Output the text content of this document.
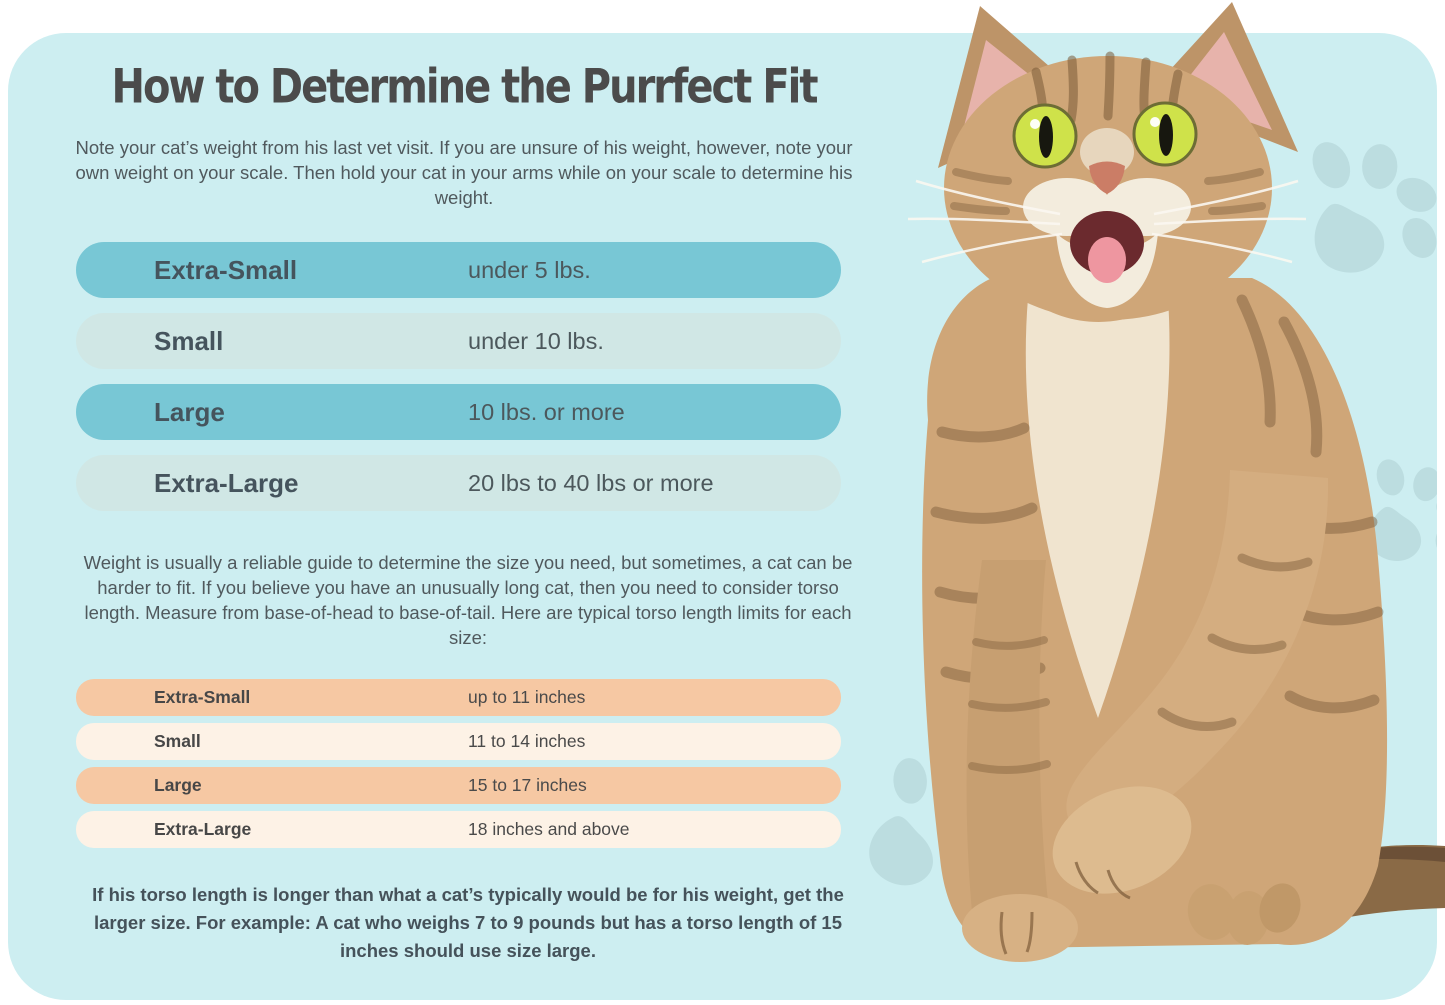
How to Determine the Purrfect Fit
Note your cat’s weight from his last vet visit. If you are unsure of his weight, however, note your own weight on your scale. Then hold your cat in your arms while on your scale to determine his weight.
Extra-Small	under 5 lbs.
Small	under 10 lbs.
Large	10 lbs. or more
Extra-Large	20 lbs to 40 lbs or more
Weight is usually a reliable guide to determine the size you need, but sometimes, a cat can be harder to fit. If you believe you have an unusually long cat, then you need to consider torso length. Measure from base-of-head to base-of-tail. Here are typical torso length limits for each size:
Extra-Small	up to 11 inches
Small	11 to 14 inches
Large	15 to 17 inches
Extra-Large	18 inches and above
If his torso length is longer than what a cat’s typically would be for his weight, get the larger size. For example: A cat who weighs 7 to 9 pounds but has a torso length of 15 inches should use size large.
